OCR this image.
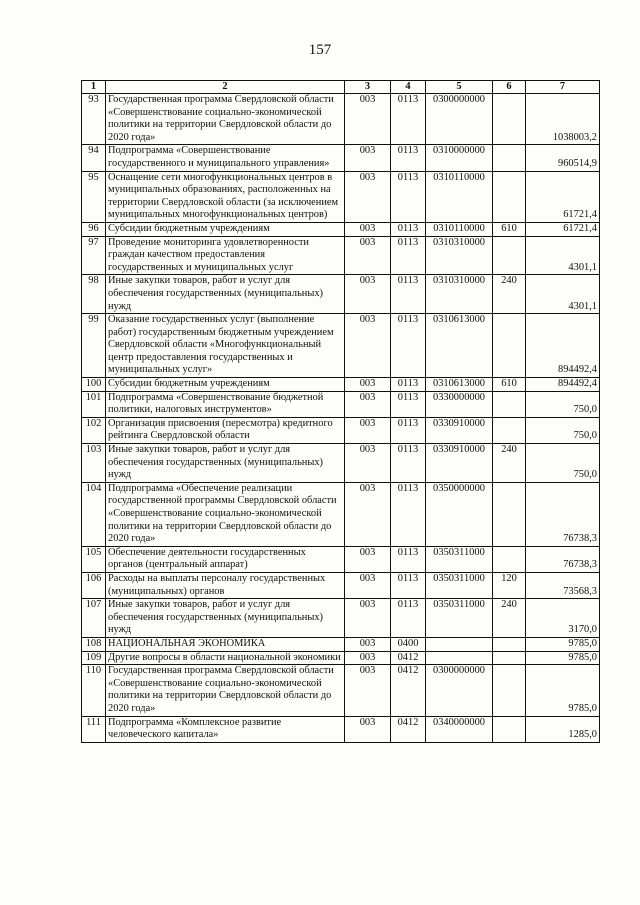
157
1	2	3	4	5	6	7
93	Государственная программа Свердловской области «Совершенствование социально-экономической политики на территории Свердловской области до 2020 года»	003	0113	0300000000		1038003,2
94	Подпрограмма «Совершенствование государственного и муниципального управления»	003	0113	0310000000		960514,9
95	Оснащение сети многофункциональных центров в муниципальных образованиях, расположенных на территории Свердловской области (за исключением муниципальных многофункциональных центров)	003	0113	0310110000		61721,4
96	Субсидии бюджетным учреждениям	003	0113	0310110000	610	61721,4
97	Проведение мониторинга удовлетворенности граждан качеством предоставления государственных и муниципальных услуг	003	0113	0310310000		4301,1
98	Иные закупки товаров, работ и услуг для обеспечения государственных (муниципальных) нужд	003	0113	0310310000	240	4301,1
99	Оказание государственных услуг (выполнение работ) государственным бюджетным учреждением Свердловской области «Многофункциональный центр предоставления государственных и муниципальных услуг»	003	0113	0310613000		894492,4
100	Субсидии бюджетным учреждениям	003	0113	0310613000	610	894492,4
101	Подпрограмма «Совершенствование бюджетной политики, налоговых инструментов»	003	0113	0330000000		750,0
102	Организация присвоения (пересмотра) кредитного рейтинга Свердловской области	003	0113	0330910000		750,0
103	Иные закупки товаров, работ и услуг для обеспечения государственных (муниципальных) нужд	003	0113	0330910000	240	750,0
104	Подпрограмма «Обеспечение реализации государственной программы Свердловской области «Совершенствование социально-экономической политики на территории Свердловской области до 2020 года»	003	0113	0350000000		76738,3
105	Обеспечение деятельности государственных органов (центральный аппарат)	003	0113	0350311000		76738,3
106	Расходы на выплаты персоналу государственных (муниципальных) органов	003	0113	0350311000	120	73568,3
107	Иные закупки товаров, работ и услуг для обеспечения государственных (муниципальных) нужд	003	0113	0350311000	240	3170,0
108	НАЦИОНАЛЬНАЯ ЭКОНОМИКА	003	0400			9785,0
109	Другие вопросы в области национальной экономики	003	0412			9785,0
110	Государственная программа Свердловской области «Совершенствование социально-экономической политики на территории Свердловской области до 2020 года»	003	0412	0300000000		9785,0
111	Подпрограмма «Комплексное развитие человеческого капитала»	003	0412	0340000000		1285,0
